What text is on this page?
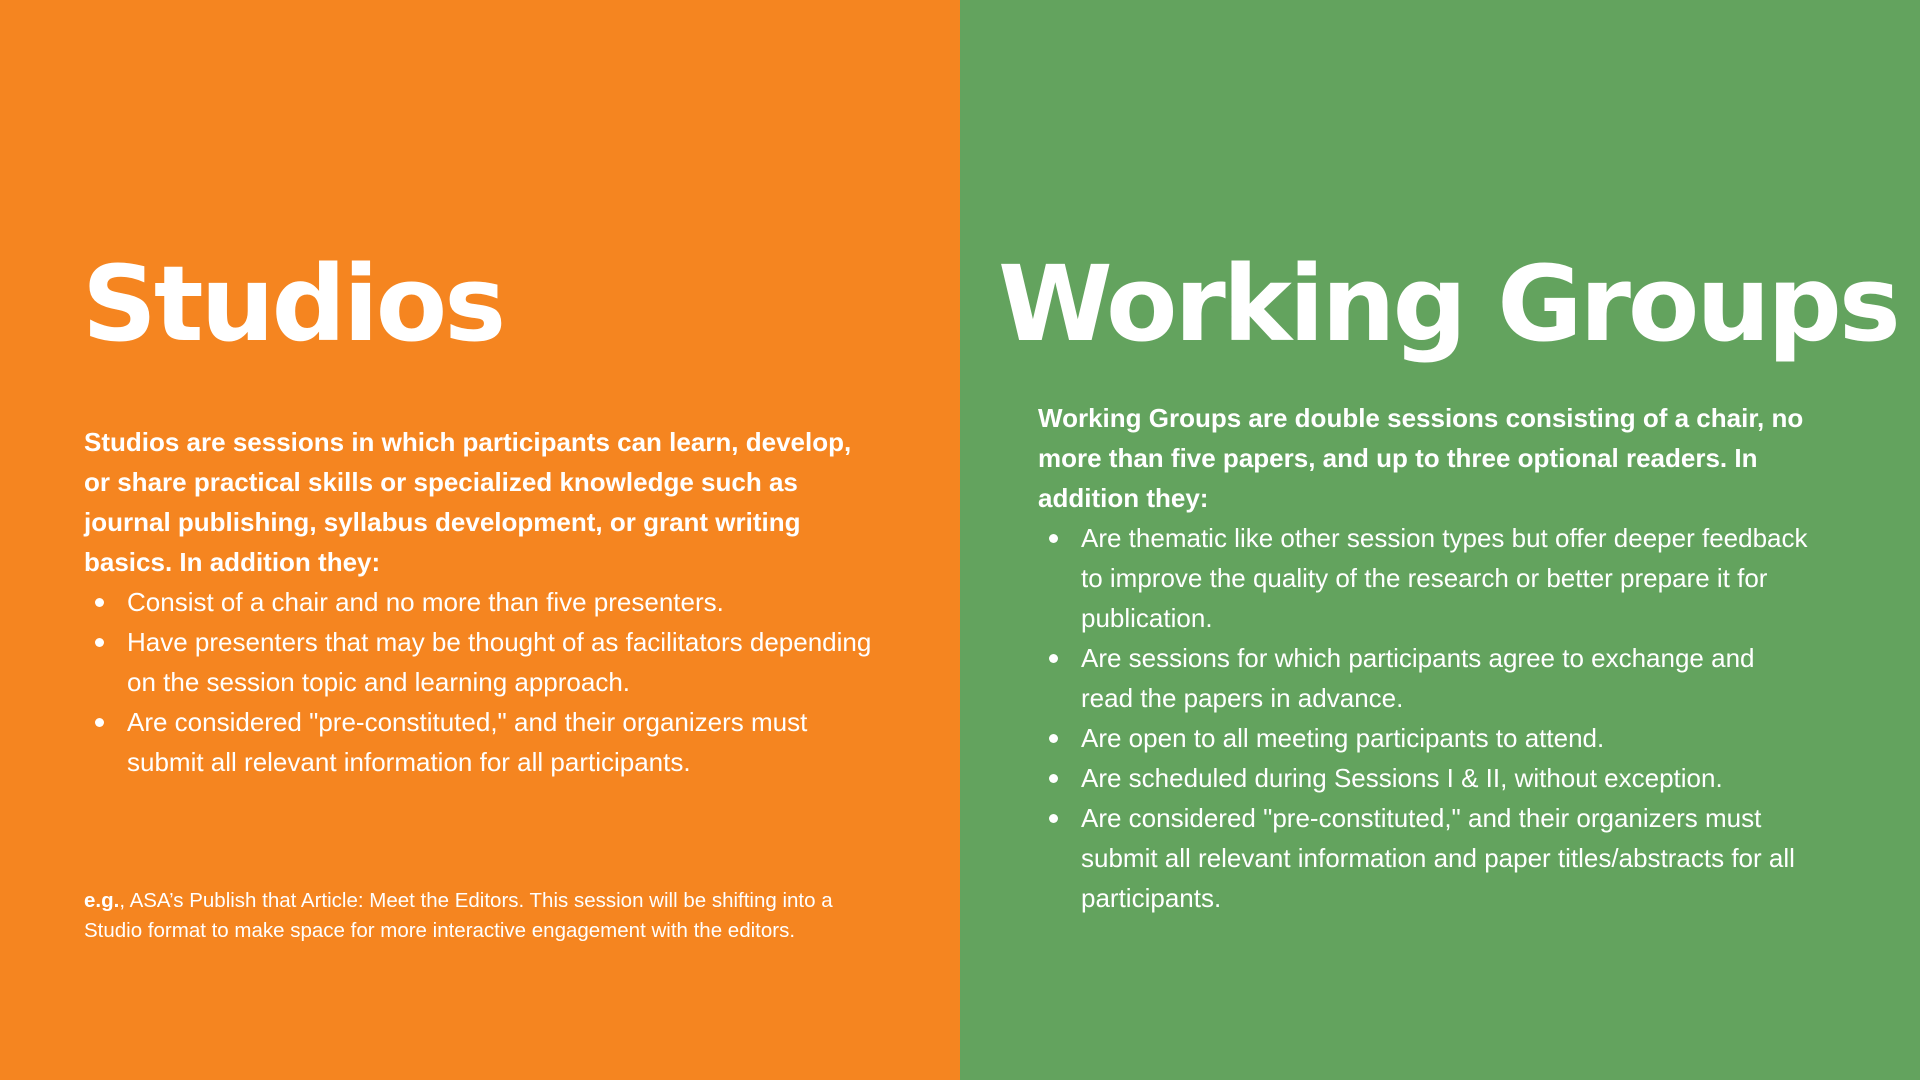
Studios

Studios are sessions in which participants can learn, develop, or share practical skills or specialized knowledge such as journal publishing, syllabus development, or grant writing basics. In addition they:

Consist of a chair and no more than five presenters.
Have presenters that may be thought of as facilitators depending on the session topic and learning approach.
Are considered "pre-constituted," and their organizers must submit all relevant information for all participants.

e.g., ASA’s Publish that Article: Meet the Editors. This session will be shifting into a Studio format to make space for more interactive engagement with the editors.

Working Groups

Working Groups are double sessions consisting of a chair, no more than five papers, and up to three optional readers. In addition they:

Are thematic like other session types but offer deeper feedback to improve the quality of the research or better prepare it for publication.
Are sessions for which participants agree to exchange and read the papers in advance.
Are open to all meeting participants to attend.
Are scheduled during Sessions I & II, without exception.
Are considered "pre-constituted," and their organizers must submit all relevant information and paper titles/abstracts for all participants.
